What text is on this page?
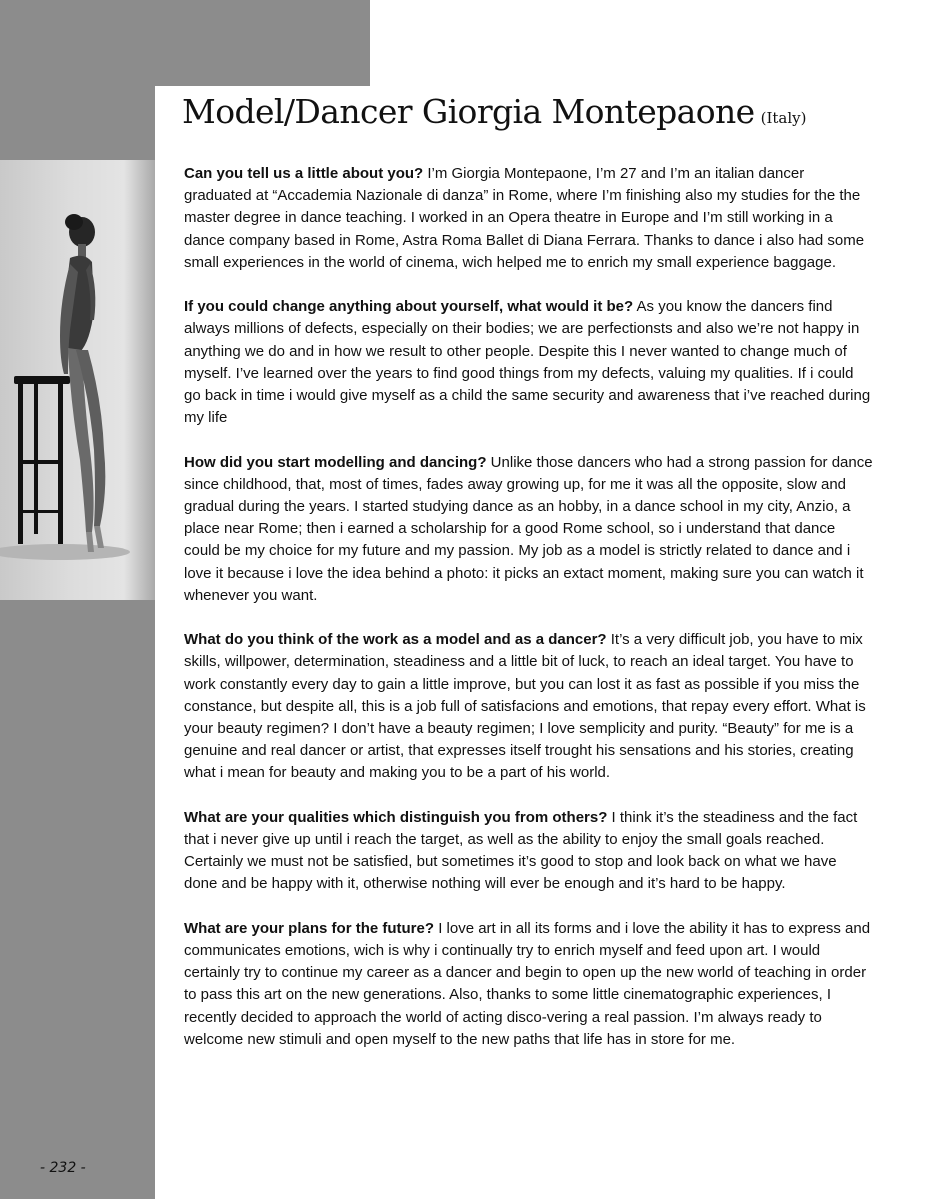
Model/Dancer Giorgia Montepaone (Italy)

Can you tell us a little about you? I’m Giorgia Montepaone, I’m 27 and I’m an italian dancer graduated at “Accademia Nazionale di danza” in Rome, where I’m finishing also my studies for the the master degree in dance teaching. I worked in an Opera theatre in Europe and I’m still working in a dance company based in Rome, Astra Roma Ballet di Diana Ferrara. Thanks to dance i also had some small experiences in the world of cinema, wich helped me to enrich my small experience baggage.

If you could change anything about yourself, what would it be? As you know the dancers find always millions of defects, especially on their bodies; we are perfectionsts and also we’re not happy in anything we do and in how we result to other people. Despite this I never wanted to change much of myself. I’ve learned over the years to find good things from my defects, valuing my qualities. If i could go back in time i would give myself as a child the same security and awareness that i’ve reached during my life

How did you start modelling and dancing? Unlike those dancers who had a strong passion for dance since childhood, that, most of times, fades away growing up, for me it was all the opposite, slow and gradual during the years. I started studying dance as an hobby, in a dance school in my city, Anzio, a place near Rome; then i earned a scholarship for a good Rome school, so i understand that dance could be my choice for my future and my passion. My job as a model is strictly related to dance and i love it because i love the idea behind a photo: it picks an extact moment, making sure you can watch it whenever you want.

What do you think of the work as a model and as a dancer? It’s a very difficult job, you have to mix skills, willpower, determination, steadiness and a little bit of luck, to reach an ideal target. You have to work constantly every day to gain a little improve, but you can lost it as fast as possible if you miss the constance, but despite all, this is a job full of satisfacions and emotions, that repay every effort. What is your beauty regimen? I don’t have a beauty regimen; I love semplicity and purity. “Beauty” for me is a genuine and real dancer or artist, that expresses itself trought his sensations and his stories, creating what i mean for beauty and making you to be a part of his world.

What are your qualities which distinguish you from others? I think it’s the steadiness and the fact that i never give up until i reach the target, as well as the ability to enjoy the small goals reached. Certainly we must not be satisfied, but sometimes it’s good to stop and look back on what we have done and be happy with it, otherwise nothing will ever be enough and it’s hard to be happy.

What are your plans for the future? I love art in all its forms and i love the ability it has to express and communicates emotions, wich is why i continually try to enrich myself and feed upon art. I would certainly try to continue my career as a dancer and begin to open up the new world of teaching in order to pass this art on the new generations. Also, thanks to some little cinematographic experiences, I recently decided to approach the world of acting disco-vering a real passion. I’m always ready to welcome new stimuli and open myself to the new paths that life has in store for me.

- 232 -
